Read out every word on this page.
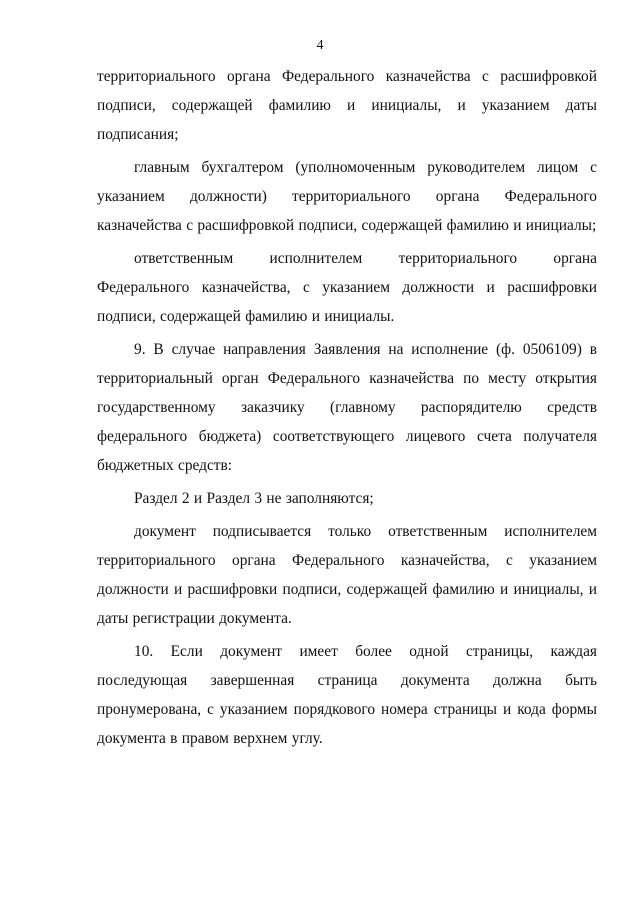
4

территориального органа Федерального казначейства с расшифровкой подписи, содержащей фамилию и инициалы, и указанием даты подписания;

главным бухгалтером (уполномоченным руководителем лицом с указанием должности) территориального органа Федерального казначейства с расшифровкой подписи, содержащей фамилию и инициалы;

ответственным исполнителем территориального органа Федерального казначейства, с указанием должности и расшифровки подписи, содержащей фамилию и инициалы.

9. В случае направления Заявления на исполнение (ф. 0506109) в территориальный орган Федерального казначейства по месту открытия государственному заказчику (главному распорядителю средств федерального бюджета) соответствующего лицевого счета получателя бюджетных средств:

Раздел 2 и Раздел 3 не заполняются;

документ подписывается только ответственным исполнителем территориального органа Федерального казначейства, с указанием должности и расшифровки подписи, содержащей фамилию и инициалы, и даты регистрации документа.

10. Если документ имеет более одной страницы, каждая последующая завершенная страница документа должна быть пронумерована, с указанием порядкового номера страницы и кода формы документа в правом верхнем углу.
